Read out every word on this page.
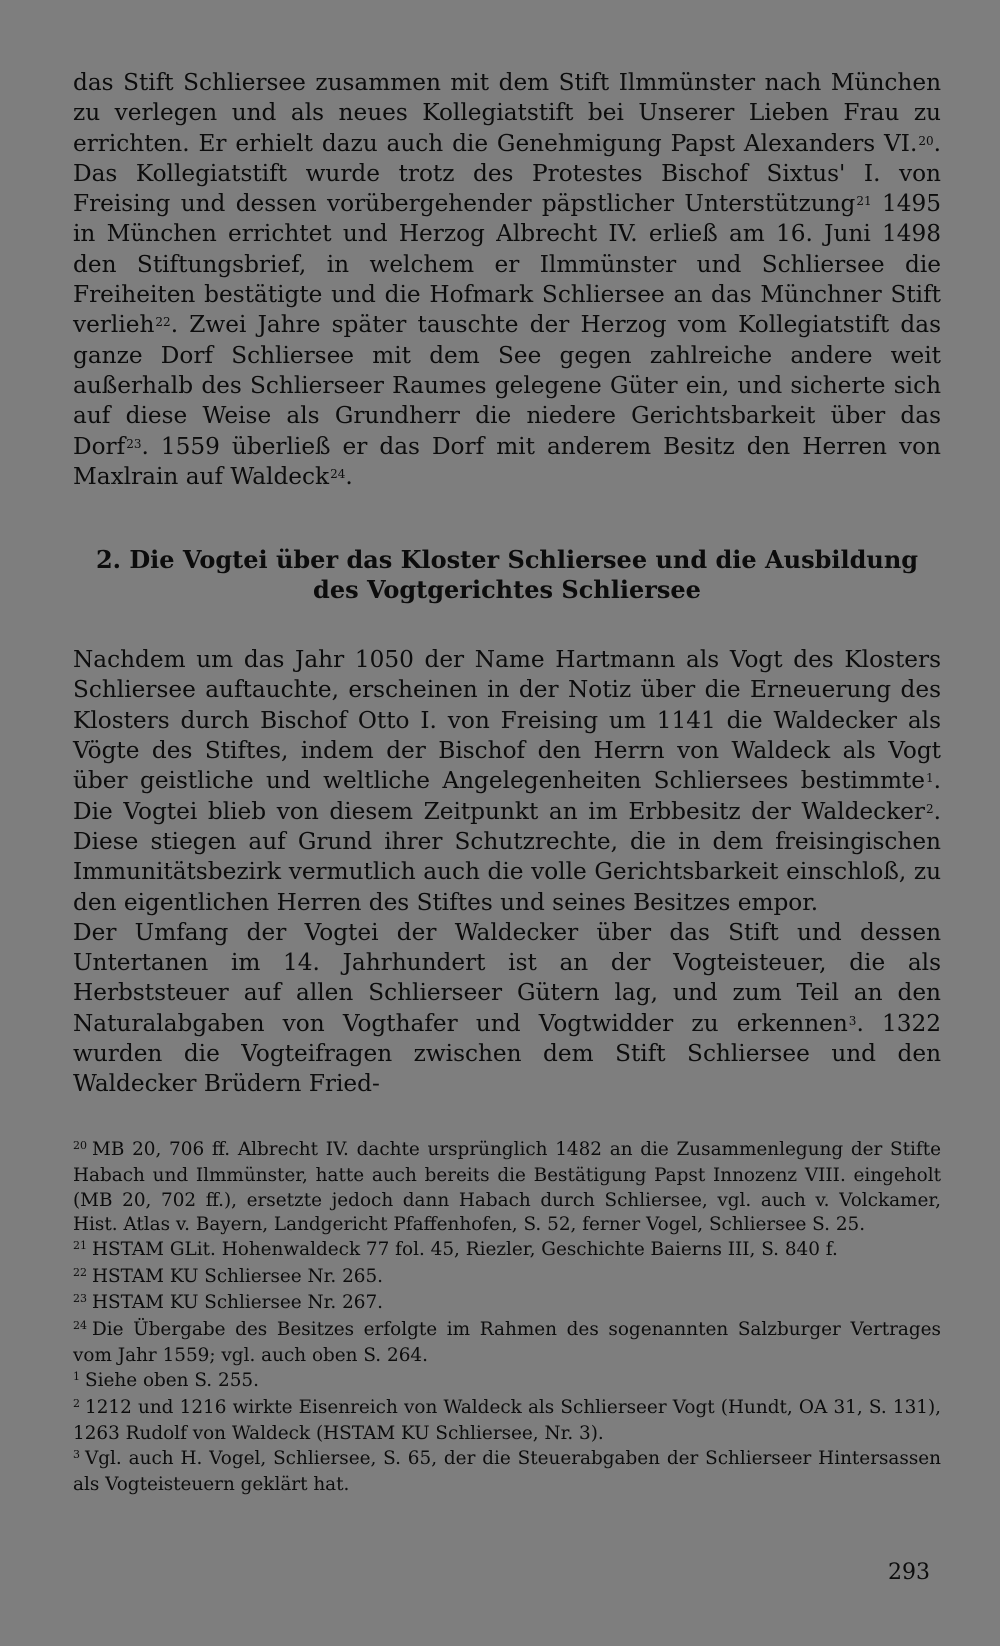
das Stift Schliersee zusammen mit dem Stift Ilmmünster nach München zu verlegen und als neues Kollegiatstift bei Unserer Lieben Frau zu errichten. Er erhielt dazu auch die Genehmigung Papst Alexanders VI.$^{20}$. Das Kollegiatstift wurde trotz des Protestes Bischof Sixtus' I. von Freising und dessen vorübergehender päpstlicher Unterstützung$^{21}$ 1495 in München errichtet und Herzog Albrecht IV. erließ am 16. Juni 1498 den Stiftungsbrief, in welchem er Ilmmünster und Schliersee die Freiheiten bestätigte und die Hofmark Schliersee an das Münchner Stift verlieh$^{22}$. Zwei Jahre später tauschte der Herzog vom Kollegiatstift das ganze Dorf Schliersee mit dem See gegen zahlreiche andere weit außerhalb des Schlierseer Raumes gelegene Güter ein, und sicherte sich auf diese Weise als Grundherr die niedere Gerichtsbarkeit über das Dorf$^{23}$. 1559 überließ er das Dorf mit anderem Besitz den Herren von Maxlrain auf Waldeck$^{24}$.

2. Die Vogtei über das Kloster Schliersee und die Ausbildung des Vogtgerichtes Schliersee

Nachdem um das Jahr 1050 der Name Hartmann als Vogt des Klosters Schliersee auftauchte, erscheinen in der Notiz über die Erneuerung des Klosters durch Bischof Otto I. von Freising um 1141 die Waldecker als Vögte des Stiftes, indem der Bischof den Herrn von Waldeck als Vogt über geistliche und weltliche Angelegenheiten Schliersees bestimmte$^1$. Die Vogtei blieb von diesem Zeitpunkt an im Erbbesitz der Waldecker$^2$. Diese stiegen auf Grund ihrer Schutzrechte, die in dem freisingischen Immunitätsbezirk vermutlich auch die volle Gerichtsbarkeit einschloß, zu den eigentlichen Herren des Stiftes und seines Besitzes empor.

Der Umfang der Vogtei der Waldecker über das Stift und dessen Untertanen im 14. Jahrhundert ist an der Vogteisteuer, die als Herbststeuer auf allen Schlierseer Gütern lag, und zum Teil an den Naturalabgaben von Vogthafer und Vogtwidder zu erkennen$^3$. 1322 wurden die Vogteifragen zwischen dem Stift Schliersee und den Waldecker Brüdern Fried-

$^{20}$ MB 20, 706 ff. Albrecht IV. dachte ursprünglich 1482 an die Zusammenlegung der Stifte Habach und Ilmmünster, hatte auch bereits die Bestätigung Papst Innozenz VIII. eingeholt (MB 20, 702 ff.), ersetzte jedoch dann Habach durch Schliersee, vgl. auch v. Volckamer, Hist. Atlas v. Bayern, Landgericht Pfaffenhofen, S. 52, ferner Vogel, Schliersee S. 25.

$^{21}$ HSTAM GLit. Hohenwaldeck 77 fol. 45, Riezler, Geschichte Baierns III, S. 840 f.

$^{22}$ HSTAM KU Schliersee Nr. 265.

$^{23}$ HSTAM KU Schliersee Nr. 267.

$^{24}$ Die Übergabe des Besitzes erfolgte im Rahmen des sogenannten Salzburger Vertrages vom Jahr 1559; vgl. auch oben S. 264.

$^1$ Siehe oben S. 255.

$^2$ 1212 und 1216 wirkte Eisenreich von Waldeck als Schlierseer Vogt (Hundt, OA 31, S. 131), 1263 Rudolf von Waldeck (HSTAM KU Schliersee, Nr. 3).

$^3$ Vgl. auch H. Vogel, Schliersee, S. 65, der die Steuerabgaben der Schlierseer Hintersassen als Vogteisteuern geklärt hat.

293
